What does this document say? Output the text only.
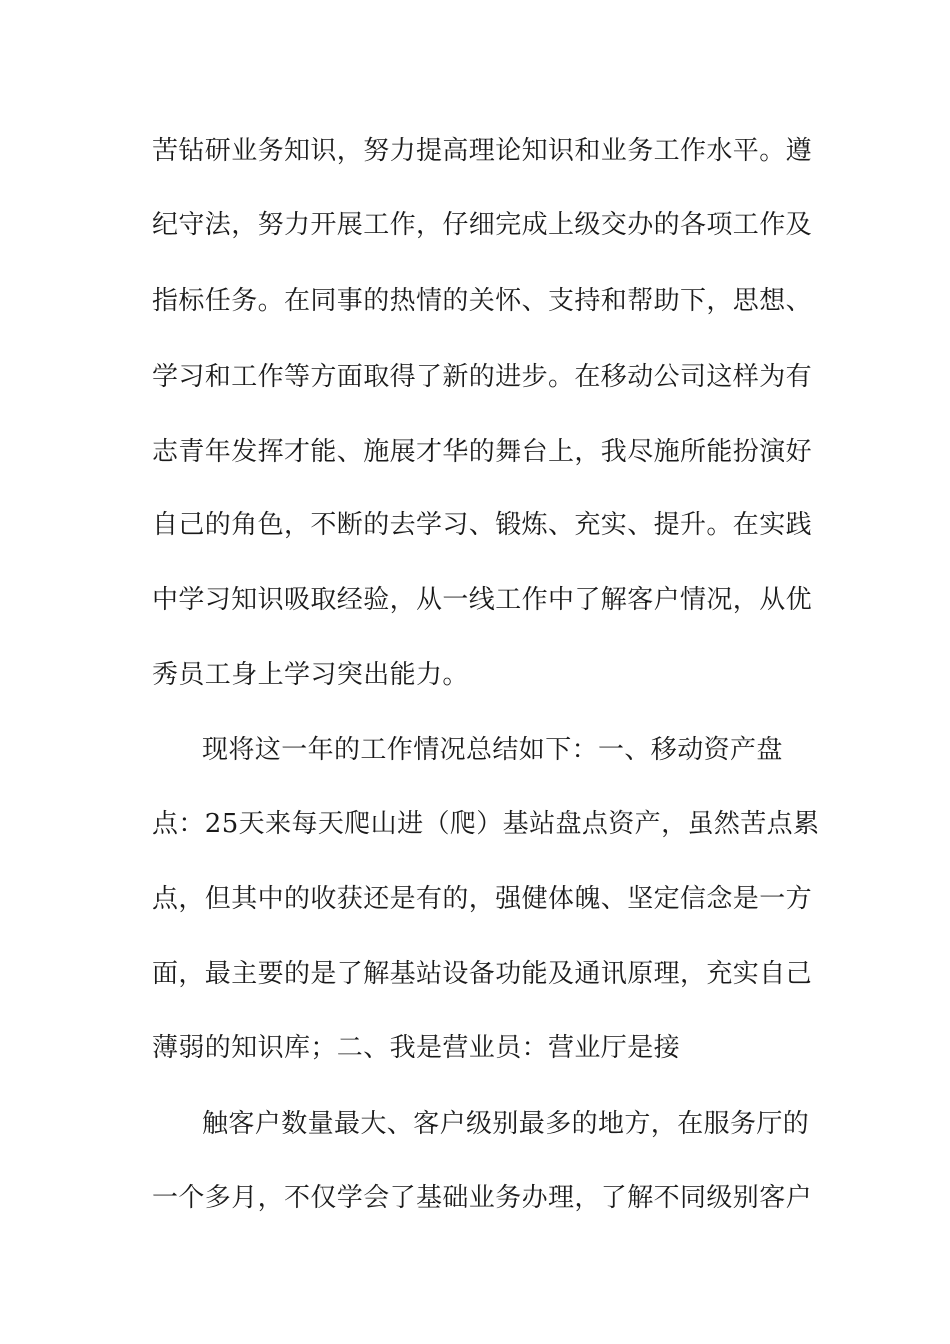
苦钻研业务知识，努力提高理论知识和业务工作水平。遵
纪守法，努力开展工作，仔细完成上级交办的各项工作及
指标任务。在同事的热情的关怀、支持和帮助下，思想、
学习和工作等方面取得了新的进步。在移动公司这样为有
志青年发挥才能、施展才华的舞台上，我尽施所能扮演好
自己的角色，不断的去学习、锻炼、充实、提升。在实践
中学习知识吸取经验，从一线工作中了解客户情况，从优
秀员工身上学习突出能力。
现将这一年的工作情况总结如下：一、移动资产盘
点：25天来每天爬山进（爬）基站盘点资产，虽然苦点累
点，但其中的收获还是有的，强健体魄、坚定信念是一方
面，最主要的是了解基站设备功能及通讯原理，充实自己
薄弱的知识库；二、我是营业员：营业厅是接
触客户数量最大、客户级别最多的地方，在服务厅的
一个多月，不仅学会了基础业务办理，了解不同级别客户
